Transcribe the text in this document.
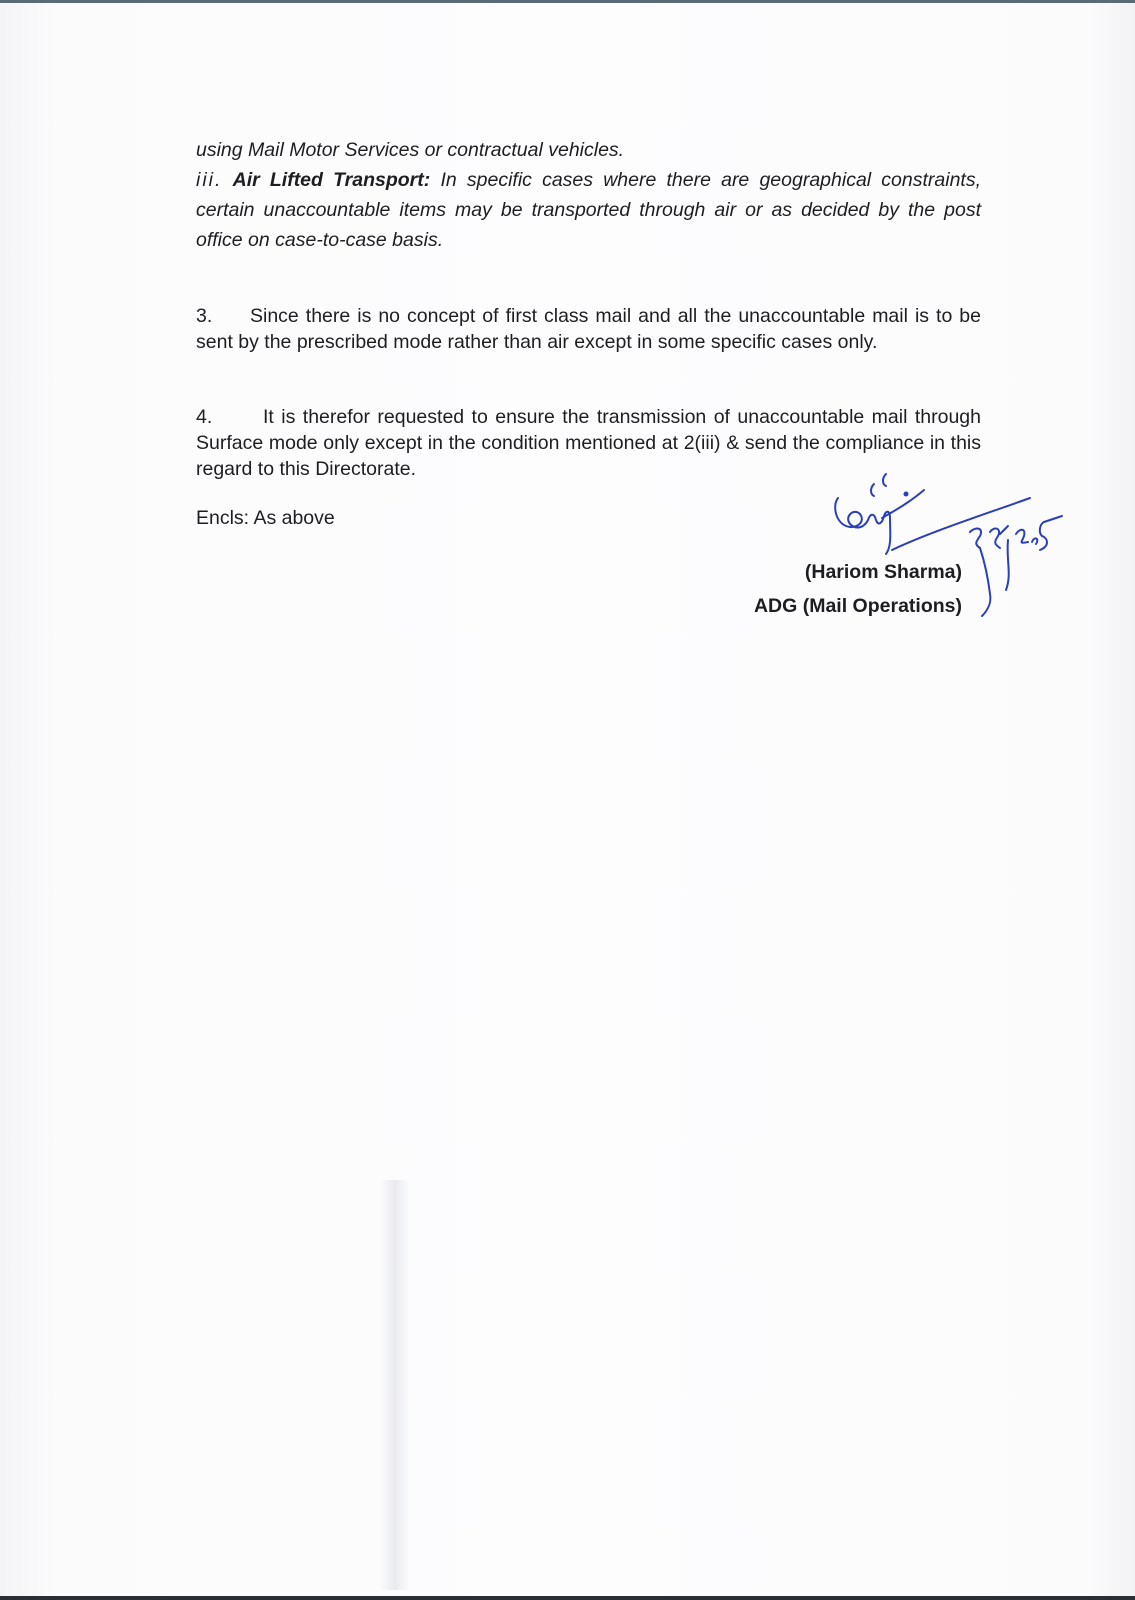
using Mail Motor Services or contractual vehicles.

iii. Air Lifted Transport: In specific cases where there are geographical constraints, certain unaccountable items may be transported through air or as decided by the post office on case-to-case basis.

3. Since there is no concept of first class mail and all the unaccountable mail is to be sent by the prescribed mode rather than air except in some specific cases only.

4.	It is therefor requested to ensure the transmission of unaccountable mail through Surface mode only except in the condition mentioned at 2(iii) & send the compliance in this regard to this Directorate.

Encls: As above

(Hariom Sharma)

ADG (Mail Operations)
